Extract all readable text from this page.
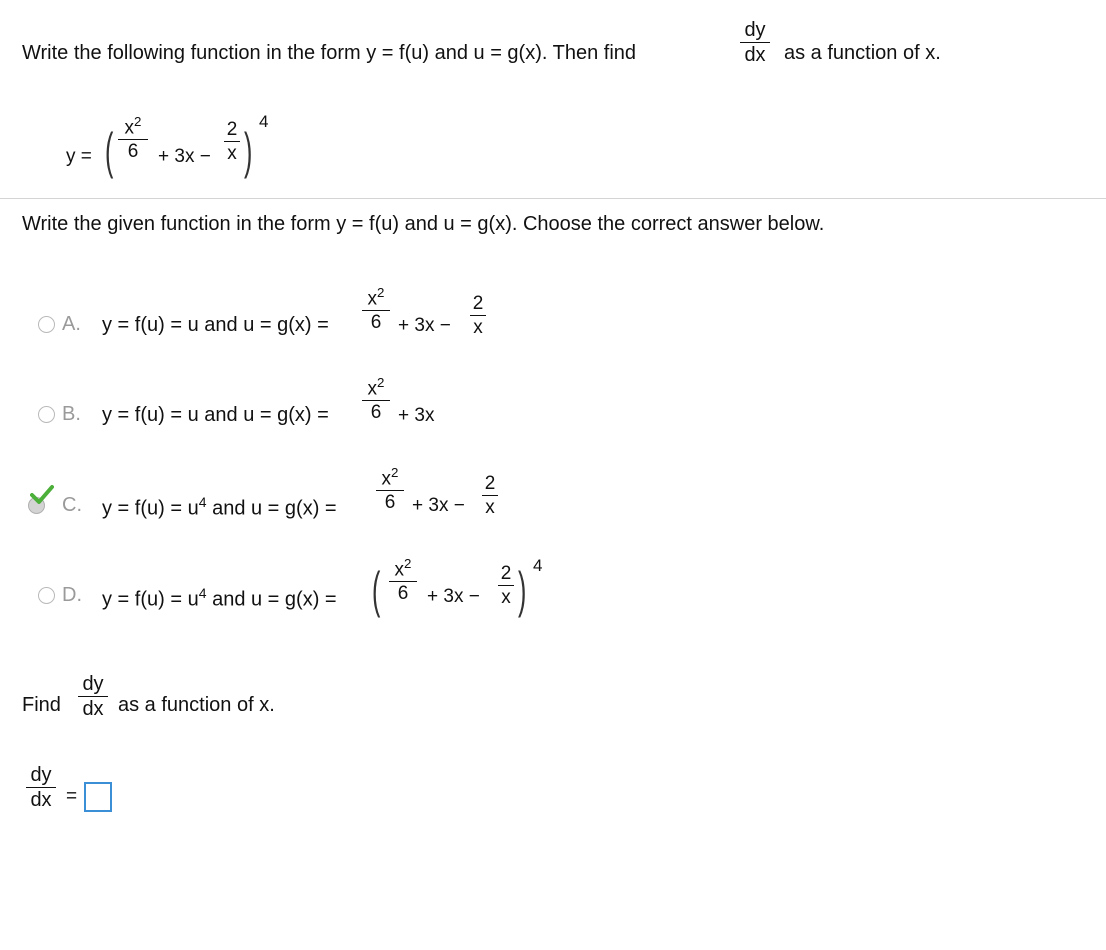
Write the following function in the form y = f(u) and u = g(x). Then find
dy
dx as a function of x.
y = ( $x^2$
6 + 3x −
2
x )
4
Write the given function in the form y = f(u) and u = g(x). Choose the correct answer below.
A. y = f(u) = u and u = g(x) =
$x^2$
6 + 3x −
2
x
B. y = f(u) = u and u = g(x) =
$x^2$
6 + 3x
C. $y = f(u) = u^4$ and u = g(x) =
$x^2$
6 + 3x −
2
x
D. $y = f(u) = u^4$ and u = g(x) = ( $x^2$
6 + 3x −
2
x ) 4
Find
dy
dx as a function of x.
dy
dx =
